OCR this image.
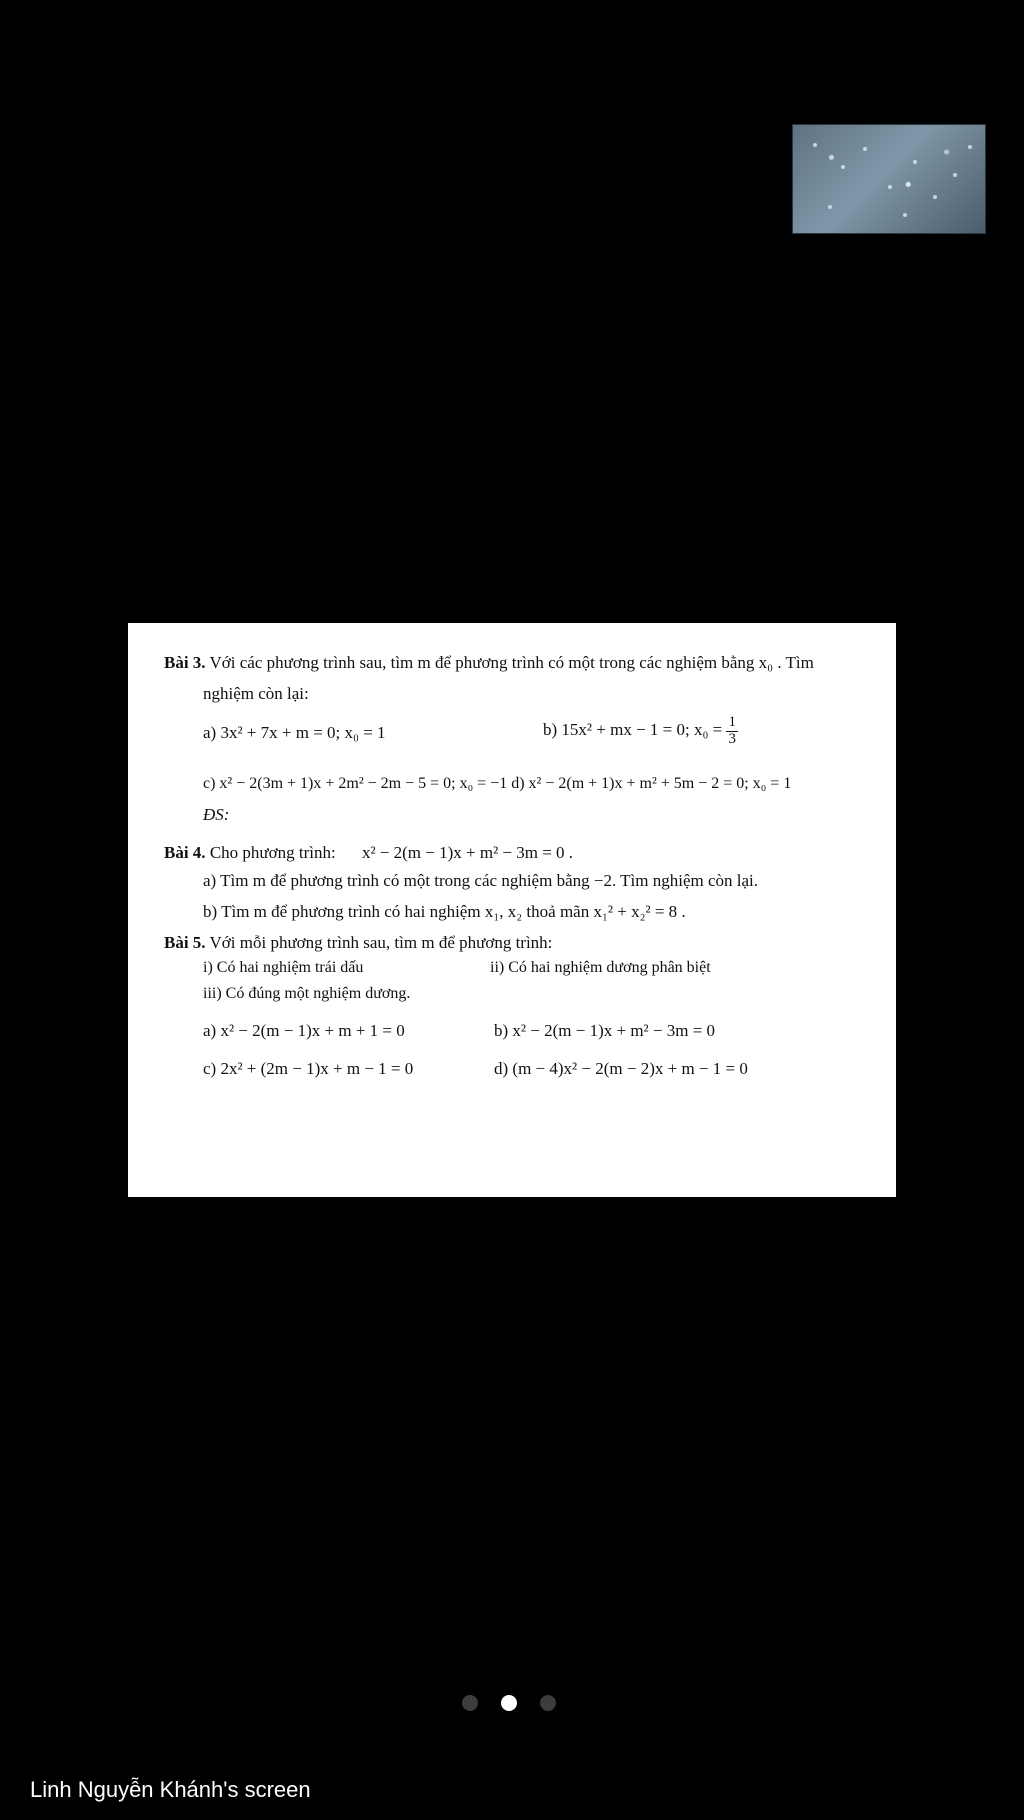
Bài 3. Với các phương trình sau, tìm m để phương trình có một trong các nghiệm bằng x₀ . Tìm
nghiệm còn lại:
a) 3x² + 7x + m = 0; x₀ = 1	b) 15x² + mx − 1 = 0; $x_0 = \frac{1}{3}$
c) x² − 2(3m + 1)x + 2m² − 2m − 5 = 0; x₀ = −1 d) x² − 2(m + 1)x + m² + 5m − 2 = 0; x₀ = 1
ĐS:
Bài 4. Cho phương trình: x² − 2(m − 1)x + m² − 3m = 0 .
a) Tìm m để phương trình có một trong các nghiệm bằng −2. Tìm nghiệm còn lại.
b) Tìm m để phương trình có hai nghiệm x₁, x₂ thoả mãn x₁² + x₂² = 8 .
Bài 5. Với mỗi phương trình sau, tìm m để phương trình:
i) Có hai nghiệm trái dấu	ii) Có hai nghiệm dương phân biệt
iii) Có đúng một nghiệm dương.
a) x² − 2(m − 1)x + m + 1 = 0	b) x² − 2(m − 1)x + m² − 3m = 0
c) 2x² + (2m − 1)x + m − 1 = 0	d) (m − 4)x² − 2(m − 2)x + m − 1 = 0
Linh Nguyễn Khánh's screen
